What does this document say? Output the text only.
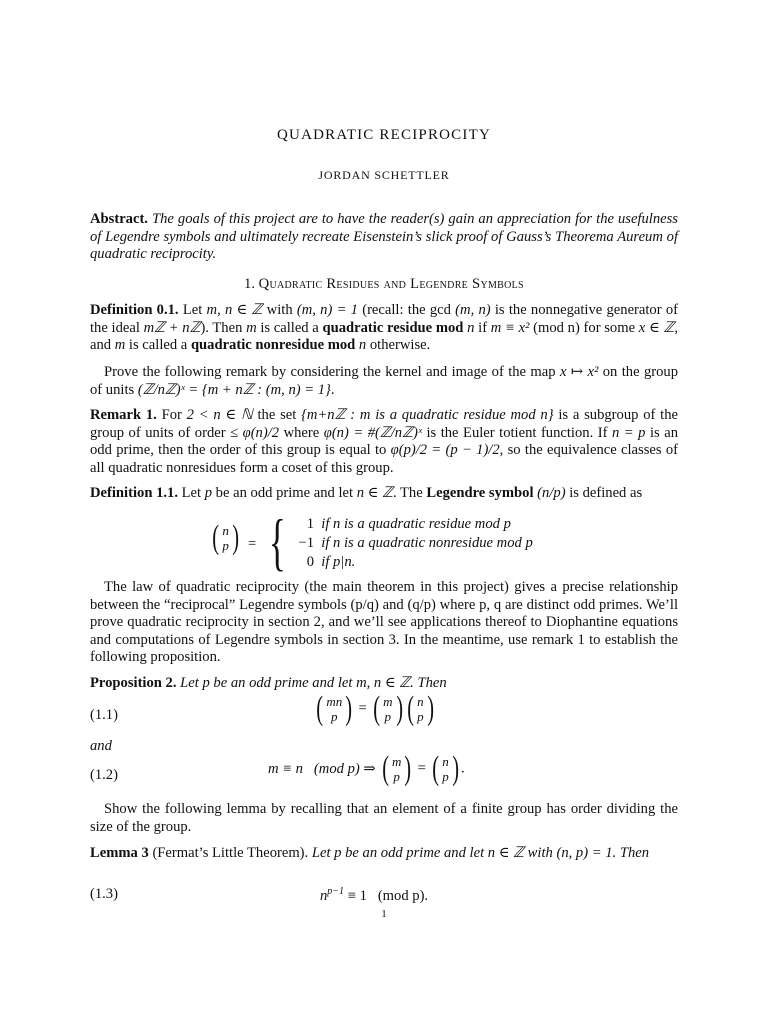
QUADRATIC RECIPROCITY
JORDAN SCHETTLER

Abstract. The goals of this project are to have the reader(s) gain an appreciation for the usefulness of Legendre symbols and ultimately recreate Eisenstein’s slick proof of Gauss’s Theorema Aureum of quadratic reciprocity.

1. Quadratic Residues and Legendre Symbols

Definition 0.1. Let m, n ∈ ℤ with (m, n) = 1 (recall: the gcd (m, n) is the nonnegative generator of the ideal mℤ + nℤ). Then m is called a quadratic residue mod n if m ≡ x² (mod n) for some x ∈ ℤ, and m is called a quadratic nonresidue mod n otherwise.

Prove the following remark by considering the kernel and image of the map x ↦ x² on the group of units (ℤ/nℤ)ˣ = {m + nℤ : (m, n) = 1}.

Remark 1. For 2 < n ∈ ℕ the set {m+nℤ : m is a quadratic residue mod n} is a subgroup of the group of units of order ≤ φ(n)/2 where φ(n) = #(ℤ/nℤ)ˣ is the Euler totient function. If n = p is an odd prime, then the order of this group is equal to φ(p)/2 = (p − 1)/2, so the equivalence classes of all quadratic nonresidues form a coset of this group.

Definition 1.1. Let p be an odd prime and let n ∈ ℤ. The Legendre symbol (n/p) is defined as

( n
p ) = {	1 if n is a quadratic residue mod p
−1 if n is a quadratic nonresidue mod p
0 if p|n.

The law of quadratic reciprocity (the main theorem in this project) gives a precise relationship between the “reciprocal” Legendre symbols (p/q) and (q/p) where p, q are distinct odd primes. We’ll prove quadratic reciprocity in section 2, and we’ll see applications thereof to Diophantine equations and computations of Legendre symbols in section 3. In the meantime, use remark 1 to establish the following proposition.

Proposition 2. Let p be an odd prime and let m, n ∈ ℤ. Then

(1.1)	( mn
p ) = ( m
p ) ( n
p )
and
(1.2)	m ≡ n   (mod p) ⇒ ( m
p ) = ( n
p ) .

Show the following lemma by recalling that an element of a finite group has order dividing the size of the group.

Lemma 3 (Fermat’s Little Theorem). Let p be an odd prime and let n ∈ ℤ with (n, p) = 1. Then

(1.3)	$n^{p-1} \equiv 1$   (mod p).
1
